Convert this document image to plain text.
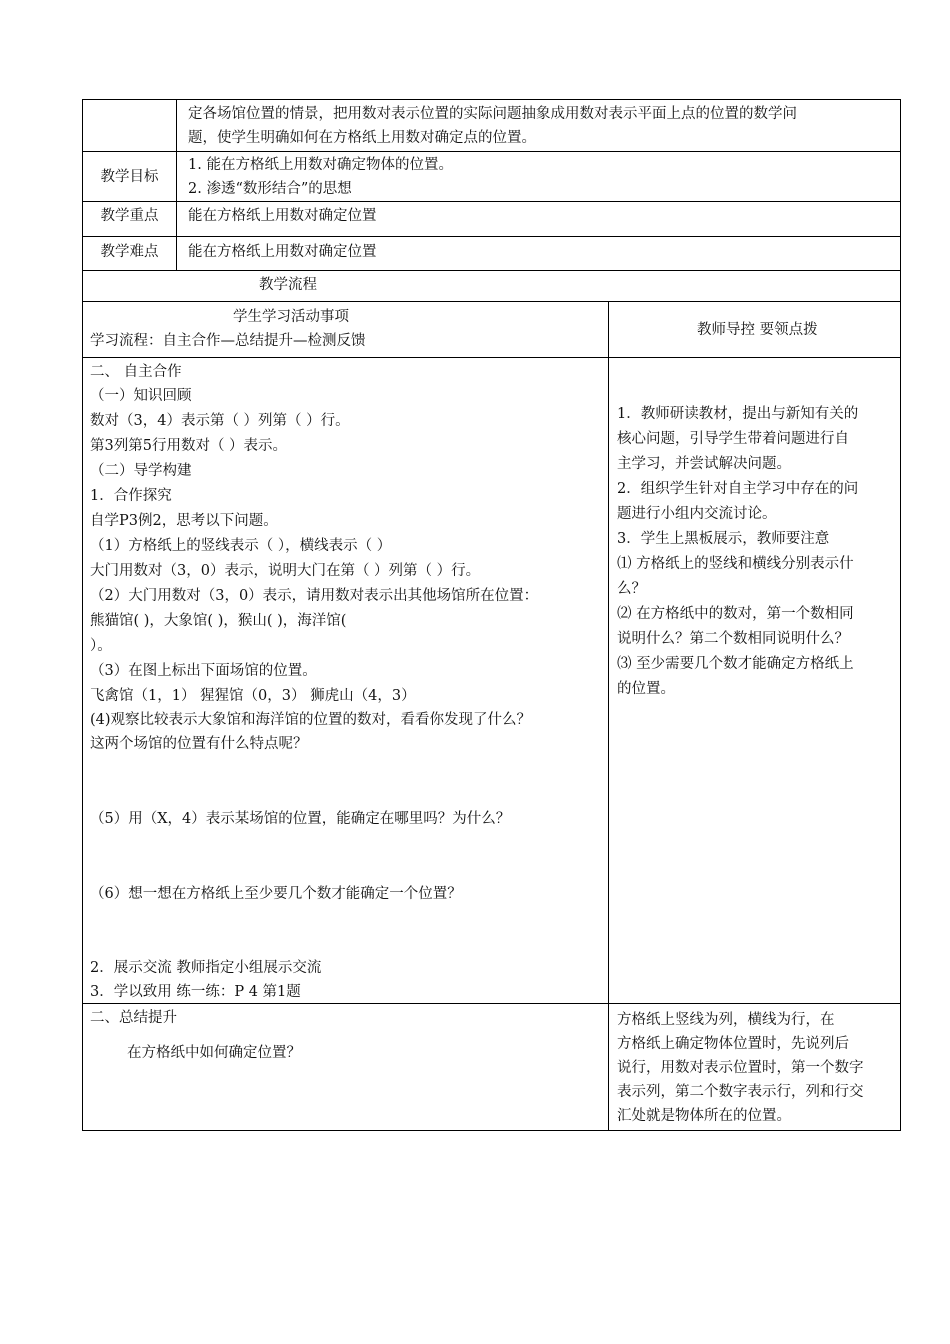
定各场馆位置的情景，把用数对表示位置的实际问题抽象成用数对表示平面上点的位置的数学问
题，使学生明确如何在方格纸上用数对确定点的位置。
教学目标
1. 能在方格纸上用数对确定物体的位置。
2. 渗透“数形结合”的思想
教学重点	能在方格纸上用数对确定位置
教学难点	能在方格纸上用数对确定位置
教学流程
学生学习活动事项
学习流程：自主合作—总结提升—检测反馈
教师导控 要领点拨
二、 自主合作
（一）知识回顾
数对（3，4）表示第（ ）列第（ ）行。
第3列第5行用数对（ ）表示。
（二）导学构建
1．合作探究
自学P3例2，思考以下问题。
（1）方格纸上的竖线表示（ ），横线表示（ ）
大门用数对（3，0）表示，说明大门在第（ ）列第（ ）行。
（2）大门用数对（3，0）表示，请用数对表示出其他场馆所在位置：
熊猫馆( )，大象馆( )，猴山( )，海洋馆(
）。
（3）在图上标出下面场馆的位置。
飞禽馆（1，1） 猩猩馆（0，3） 狮虎山（4，3）
(4)观察比较表示大象馆和海洋馆的位置的数对，看看你发现了什么？
这两个场馆的位置有什么特点呢？
（5）用（X，4）表示某场馆的位置，能确定在哪里吗？为什么？
（6）想一想在方格纸上至少要几个数才能确定一个位置？
2．展示交流 教师指定小组展示交流
3．学以致用 练一练：P 4 第1题
1．教师研读教材，提出与新知有关的
核心问题，引导学生带着问题进行自
主学习，并尝试解决问题。
2．组织学生针对自主学习中存在的问
题进行小组内交流讨论。
3．学生上黑板展示，教师要注意
⑴ 方格纸上的竖线和横线分别表示什
么？
⑵ 在方格纸中的数对，第一个数相同
说明什么？第二个数相同说明什么？
⑶ 至少需要几个数才能确定方格纸上
的位置。
二、总结提升
在方格纸中如何确定位置？
方格纸上竖线为列，横线为行，在
方格纸上确定物体位置时，先说列后
说行，用数对表示位置时，第一个数字
表示列，第二个数字表示行，列和行交
汇处就是物体所在的位置。
